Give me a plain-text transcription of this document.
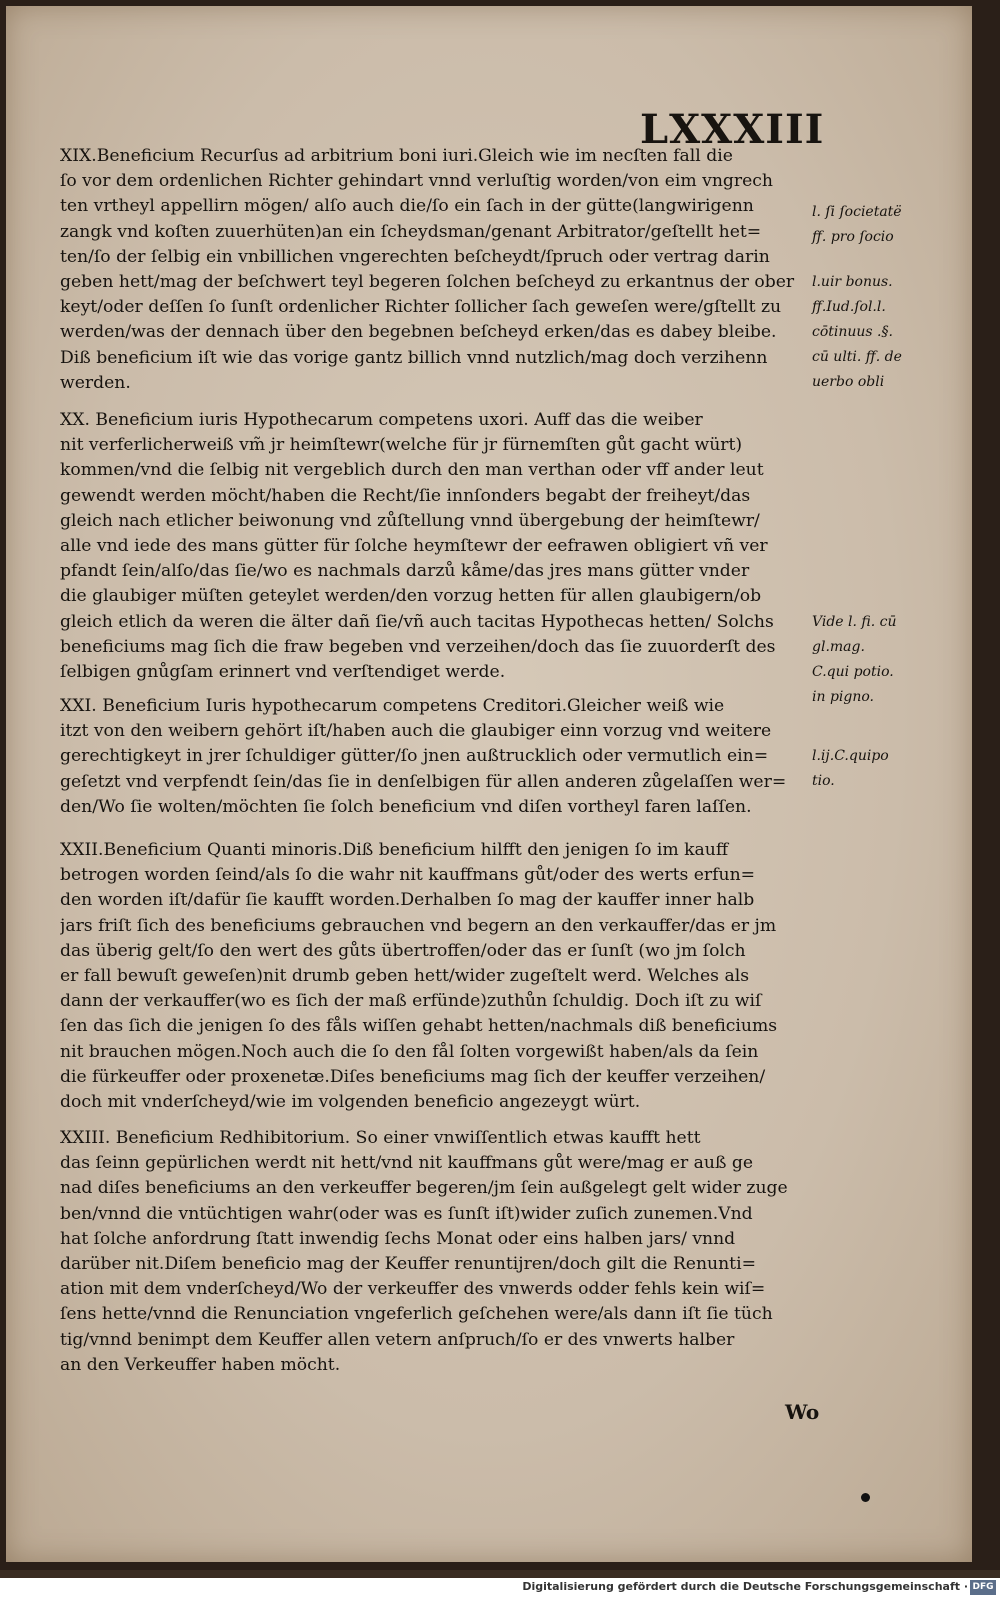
LXXXIII
XIX.Beneficium Recurſus ad arbitrium boni iuri.Gleich wie im necſten fall die
ſo vor dem ordenlichen Richter gehindart vnnd verluſtig worden/von eim vngrech
ten vrtheyl appellirn mögen/ alſo auch die/ſo ein ſach in der gütte(langwirigenn
zangk vnd koſten zuuerhüten)an ein ſcheydsman/genant Arbitrator/geſtellt het=
ten/ſo der ſelbig ein vnbillichen vngerechten beſcheydt/ſpruch oder vertrag darin
geben hett/mag der beſchwert teyl begeren ſolchen beſcheyd zu erkantnus der ober
keyt/oder deſſen ſo ſunſt ordenlicher Richter ſollicher ſach geweſen were/gſtellt zu
werden/was der dennach über den begebnen beſcheyd erken/das es dabey bleibe.
Diß beneficium iſt wie das vorige gantz billich vnnd nutzlich/mag doch verzihenn
werden.
XX. Beneficium iuris Hypothecarum competens uxori. Auff das die weiber
nit verferlicherweiß vm̃ jr heimſtewr(welche für jr fürnemſten gůt gacht würt)
kommen/vnd die ſelbig nit vergeblich durch den man verthan oder vff ander leut
gewendt werden möcht/haben die Recht/ſie innſonders begabt der freiheyt/das
gleich nach etlicher beiwonung vnd zůſtellung vnnd übergebung der heimſtewr/
alle vnd iede des mans gütter für ſolche heymſtewr der eefrawen obligiert vñ ver
pfandt ſein/alſo/das ſie/wo es nachmals darzů kåme/das jres mans gütter vnder
die glaubiger müſten geteylet werden/den vorzug hetten für allen glaubigern/ob
gleich etlich da weren die älter dañ ſie/vñ auch tacitas Hypothecas hetten/ Solchs
beneficiums mag ſich die fraw begeben vnd verzeihen/doch das ſie zuuorderſt des
ſelbigen gnůgſam erinnert vnd verſtendiget werde.
XXI. Beneficium Iuris hypothecarum competens Creditori.Gleicher weiß wie
itzt von den weibern gehört iſt/haben auch die glaubiger einn vorzug vnd weitere
gerechtigkeyt in jrer ſchuldiger gütter/ſo jnen außtrucklich oder vermutlich ein=
geſetzt vnd verpfendt ſein/das ſie in denſelbigen für allen anderen zůgelaſſen wer=
den/Wo ſie wolten/möchten ſie ſolch beneficium vnd diſen vortheyl faren laſſen.
XXII.Beneficium Quanti minoris.Diß beneficium hilfft den jenigen ſo im kauff
betrogen worden ſeind/als ſo die wahr nit kauffmans gůt/oder des werts erfun=
den worden iſt/dafür ſie kaufft worden.Derhalben ſo mag der kauffer inner halb
jars friſt ſich des beneficiums gebrauchen vnd begern an den verkauffer/das er jm
das überig gelt/ſo den wert des gůts übertroffen/oder das er ſunſt (wo jm ſolch
er fall bewuſt geweſen)nit drumb geben hett/wider zugeſtelt werd. Welches als
dann der verkauffer(wo es ſich der maß erfünde)zuthůn ſchuldig. Doch iſt zu wiſ
ſen das ſich die jenigen ſo des fåls wiſſen gehabt hetten/nachmals diß beneficiums
nit brauchen mögen.Noch auch die ſo den fål ſolten vorgewißt haben/als da ſein
die fürkeuffer oder proxenetæ.Diſes beneficiums mag ſich der keuffer verzeihen/
doch mit vnderſcheyd/wie im volgenden beneficio angezeygt würt.
XXIII. Beneficium Redhibitorium. So einer vnwiſſentlich etwas kaufft hett
das ſeinn gepürlichen werdt nit hett/vnd nit kauffmans gůt were/mag er auß ge
nad diſes beneficiums an den verkeuffer begeren/jm ſein außgelegt gelt wider zuge
ben/vnnd die vntüchtigen wahr(oder was es ſunſt iſt)wider zuſich zunemen.Vnd
hat ſolche anfordrung ſtatt inwendig ſechs Monat oder eins halben jars/ vnnd
darüber nit.Diſem beneficio mag der Keuffer renuntijren/doch gilt die Renunti=
ation mit dem vnderſcheyd/Wo der verkeuffer des vnwerds odder fehls kein wiſ=
ſens hette/vnnd die Renunciation vngeferlich geſchehen were/als dann iſt ſie tüch
tig/vnnd benimpt dem Keuffer allen vetern anſpruch/ſo er des vnwerts halber
an den Verkeuffer haben möcht.
l. ſi ſocietatë
ff. pro ſocio
l.uir bonus.
ff.Iud.ſol.l.
cōtinuus .§.
cū ulti. ff. de
uerbo obli
Vide l. fi. cū
gl.mag.
C.qui potio.
in pigno.
l.ij.C.quipo
tio.
Wo
Digitalisierung gefördert durch die Deutsche Forschungsgemeinschaft · DFG
